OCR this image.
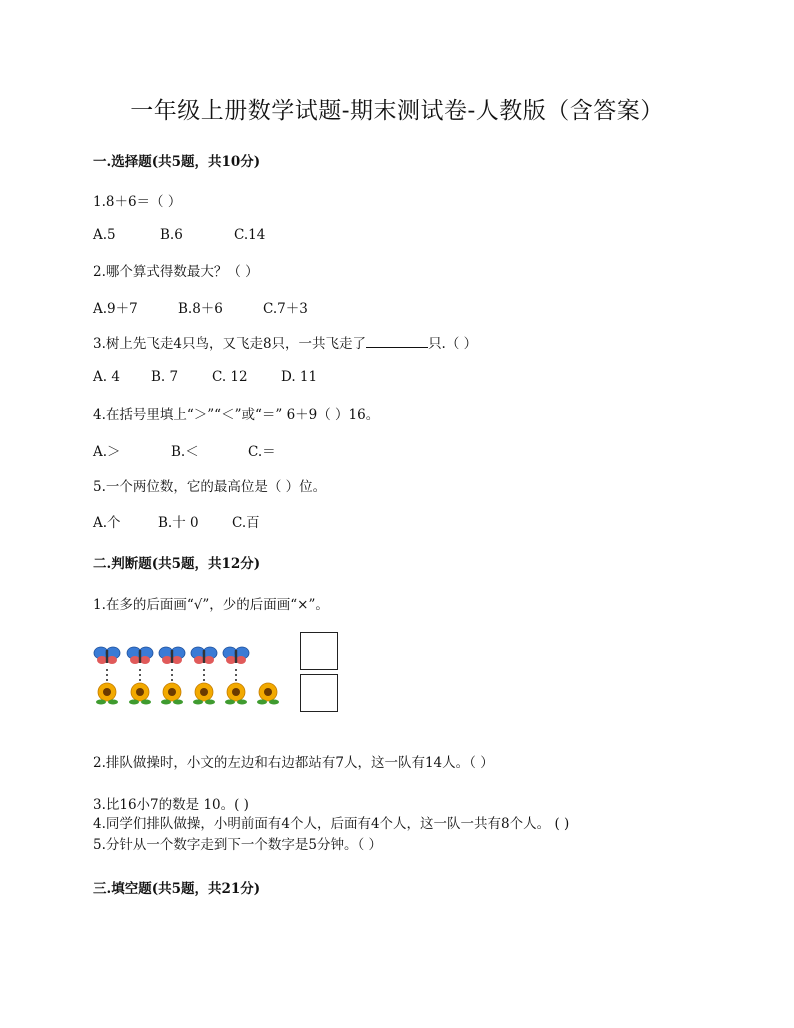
一年级上册数学试题-期末测试卷-人教版（含答案）
一.选择题(共5题，共10分)
1.8＋6＝（ ）
A.5	B.6	C.14
2.哪个算式得数最大？（ ）
A.9＋7	B.8＋6	C.7＋3
3.树上先飞走4只鸟，又飞走8只，一共飞走了	只.（ ）
A. 4 B. 7	C. 12 D. 11
4.在括号里填上“＞”“＜”或“＝” 6＋9（ ）16。
A.＞	B.＜	C.＝
5.一个两位数，它的最高位是（ ）位。
A.个	B.十 0 C.百
二.判断题(共5题，共12分)
1.在多的后面画“√”，少的后面画“×”。
2.排队做操时，小文的左边和右边都站有7人，这一队有14人。（ ）
3.比16小7的数是 10。( )
4.同学们排队做操，小明前面有4个人，后面有4个人，这一队一共有8个人。 ( )
5.分针从一个数字走到下一个数字是5分钟。（ ）
三.填空题(共5题，共21分)
